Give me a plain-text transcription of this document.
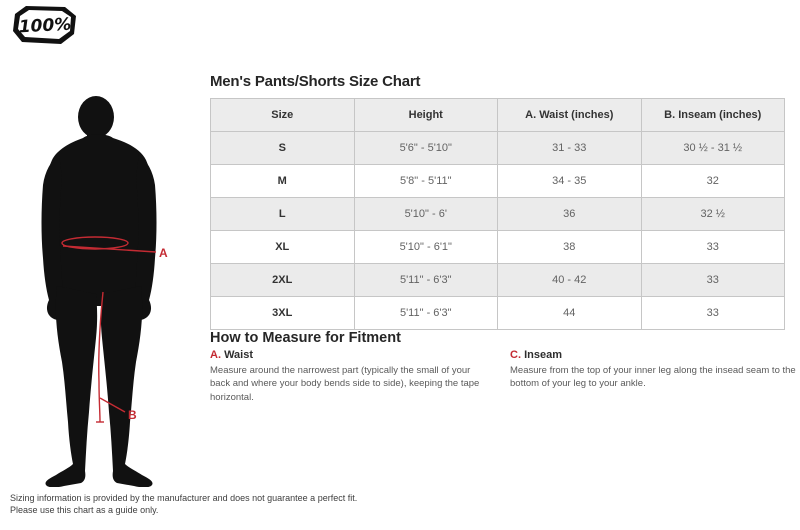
100%
A
B
Men's Pants/Shorts Size Chart
Size	Height	A. Waist (inches)	B. Inseam (inches)
S	5'6" - 5'10"	31 - 33	30 ½ - 31 ½
M	5'8" - 5'11"	34 - 35	32
L	5'10" - 6'	36	32 ½
XL	5'10" - 6'1"	38	33
2XL	5'11" - 6'3"	40 - 42	33
3XL	5'11" - 6'3"	44	33
How to Measure for Fitment
A. Waist
Measure around the narrowest part (typically the small of your back and where your body bends side to side), keeping the tape horizontal.
C. Inseam
Measure from the top of your inner leg along the insead seam to the bottom of your leg to your ankle.
Sizing information is provided by the manufacturer and does not guarantee a perfect fit.
Please use this chart as a guide only.
